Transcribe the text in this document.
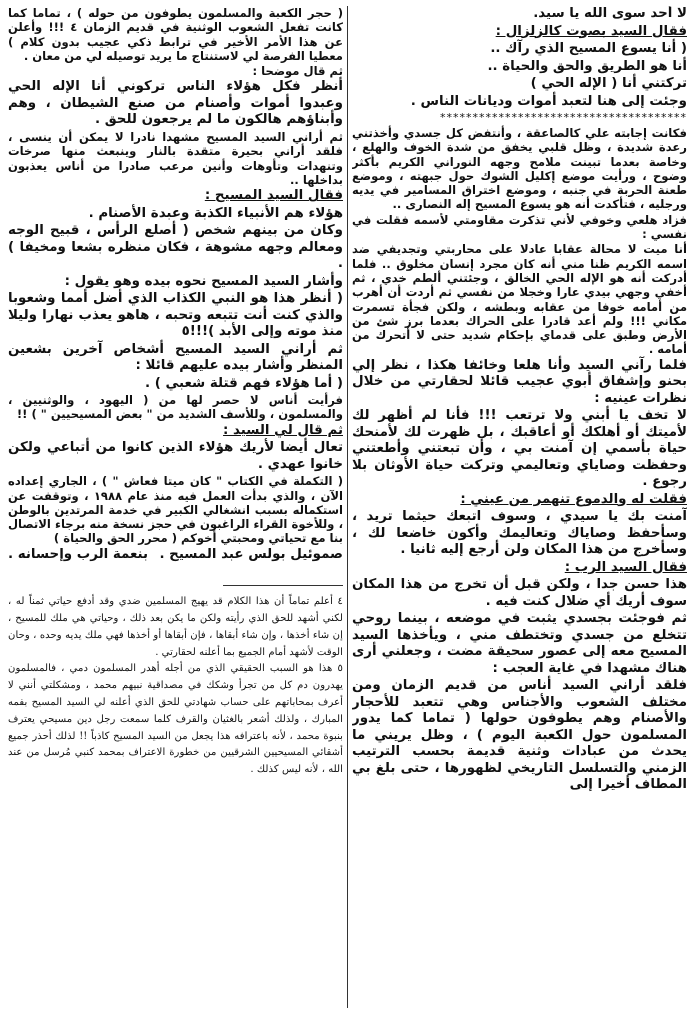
لا أحد سوى الله يا سيد.

فقال السيد بصوت كالزلزال :

( أنا يسوع المسيح الذي رآك ..

أنا هو الطريق والحق والحياة ..

تركتني أنا ( الإله الحي )

وجئت إلى هنا لتعبد أموات وديانات الناس .

**************************************

فكانت إجابته علي كالصاعقة ، وأنتفض كل جسدي وأخذتني رعدة شديدة ، وظل قلبي يخفق من شدة الخوف والهلع ، وخاصة بعدما تبينت ملامح وجهه النوراني الكريم بأكثر وضوح ، ورأيت موضع إكليل الشوك حول جبهته ، وموضع طعنة الحربة في جنبه ، وموضع اختراق المسامير في يديه ورجليه ، فتأكدت أنه هو يسوع المسيح إله النصارى ..

فزاد هلعي وخوفي لأني تذكرت مقاومتي لأسمه فقلت في نفسي :

أنا ميت لا محالة عقابا عادلا على محاربتي وتجديفي ضد اسمه الكريم ظنا مني أنه كان مجرد إنسان مخلوق .. فلما أدركت أنه هو الإله الحي الخالق ، وجئتني ألطم خدي ، ثم أخفي وجهي بيدي عارا وخجلا من نفسي ثم أردت أن أهرب من أمامه خوفا من عقابه وبطشه ، ولكن فجأة تسمرت مكاني !!! ولم أعد قادرا على الحراك بعدما برز شئ من الأرض وطبق على قدماي بإحكام شديد حتى لا أتحرك من أمامه .

فلما رآني السيد وأنا هلعا وخائفا هكذا ، نظر إلي بحنو وإشفاق أبوي عجيب قائلا لحقارتي من خلال نظرات عينيه :

لا تخف يا أبني ولا ترتعب !!! فأنا لم أظهر لك لأميتك أو أهلكك أو أعاقبك ، بل ظهرت لك لأمنحك حياة بأسمي إن آمنت بي ، وأن تبعتني وأطعتني وحفظت وصاياي وتعاليمي وتركت حياة الأوثان بلا رجوع .

فقلت له والدموع تنهمر من عيني :

آمنت بك يا سيدي ، وسوف اتبعك حيثما تريد ، وسأحفظ وصاياك وتعاليمك وأكون خاضعا لك ، وسأخرج من هذا المكان ولن أرجع إليه ثانيا .

فقال السيد الرب :

هذا حسن جدا ، ولكن قبل أن تخرج من هذا المكان سوف أريك أي ضلال كنت فيه .

ثم فوجئت بجسدي يثبت في موضعه ، بينما روحي تتخلع من جسدي وتختطف مني ، ويأخذها السيد المسيح معه إلى عصور سحيقة مضت ، وجعلني أرى هناك مشهدا في غاية العجب :

فلقد أراني السيد أناس من قديم الزمان ومن مختلف الشعوب والأجناس وهي تتعبد للأحجار والأصنام وهم يطوفون حولها ( تماما كما يدور المسلمون حول الكعبة اليوم ) ، وظل يريني ما يحدث من عبادات وثنية قديمة بحسب الترتيب الزمني والتسلسل التاريخي لظهورها ، حتى بلغ بي المطاف أخيرا إلى

( حجر الكعبة والمسلمون يطوفون من حوله ) ، تماما كما كانت تفعل الشعوب الوثنية في قديم الزمان ٤ !!! وأعلن عن هذا الأمر الأخير في ترابط ذكي عجيب بدون كلام ) معطيا الفرصة لي لاستنتاج ما يريد توصيله لي من معان .

ثم قال موضحا :

أنظر فكل هؤلاء الناس تركوني أنا الإله الحي وعبدوا أموات وأصنام من صنع الشيطان ، وهم وأبناؤهم هالكون ما لم يرجعون للحق .

ثم أراني السيد المسيح مشهدا نادرا لا يمكن أن ينسى ، فلقد أراني بحيرة متقدة بالنار وينبعث منها صرخات وتنهدات وتأوهات وأنين مرعب صادرا من أناس يعذبون بداخلها ..

فقال السيد المسيح :

هؤلاء هم الأنبياء الكذبة وعبدة الأصنام .

وكان من بينهم شخص ( أصلع الرأس ، قبيح الوجه ومعالم وجهه مشوهة ، فكان منظره بشعا ومخيفا ) .

وأشار السيد المسيح نحوه بيده وهو يقول :

( أنظر هذا هو النبي الكذاب الذي أضل أمما وشعوبا والذي كنت أنت تتبعه وتحبه ، هاهو يعذب نهارا وليلا منذ موته وإلى الأبد )!!!٥

ثم أراني السيد المسيح أشخاص آخرين بشعين المنظر وأشار بيده عليهم قائلا :

( أما هؤلاء فهم قتلة شعبي ) .

فرأيت أناس لا حصر لها من ( اليهود ، والوثنيين ، والمسلمون ، وللأسف الشديد من " بعض المسيحيين " ) !!

ثم قال لي السيد :

تعال أيضا لأريك هؤلاء الذين كانوا من أتباعي ولكن خانوا عهدي .

( التكملة في الكتاب " كان ميتا فعاش " ) ، الجاري إعداده الآن ، والذي بدأت العمل فيه منذ عام ١٩٨٨ ، وتوقفت عن استكماله بسبب انشغالي الكبير في خدمة المرتدين بالوطن ، وللأخوة القراء الراغبون في حجز نسخة منه برجاء الاتصال بنا مع تحياتي ومحبتي أخوكم ( محرر الحق والحياة )

صموئيل بولس عبد المسيح .
بنعمة الرب وإحسانه .

٤ أعلم تماماً أن هذا الكلام قد يهيج المسلمين ضدي وقد أدفع حياتي ثمناً له ، لكني أشهد للحق الذي رأيته ولكن ما يكن بعد ذلك ، وحياتي هي ملك للمسيح ، إن شاء أخذها ، وإن شاء أبقاها ، فإن أبقاها أو أخذها فهي ملك يديه وحده ، وحان الوقت لأشهد أمام الجميع بما أعلنه لحقارتي .

٥ هذا هو السبب الحقيقي الذي من أجله أهدر المسلمون دمي ، فالمسلمون يهدرون دم كل من تجرأ وشكك في مصداقية نبيهم محمد ، ومشكلتي أنني لا أعرف بمحاباتهم على حساب شهادتي للحق الذي أعلنه لي السيد المسيح بفمه المبارك ، ولذلك أشعر بالغثيان والقرف كلما سمعت رجل دين مسيحي يعترف بنبوة محمد ، لأنه باعترافه هذا يجعل من السيد المسيح كاذباً !! لذلك أحذر جميع أشقائي المسيحيين الشرقيين من خطورة الاعتراف بمحمد كنبي مُرسل من عند الله ، لأنه ليس كذلك .
